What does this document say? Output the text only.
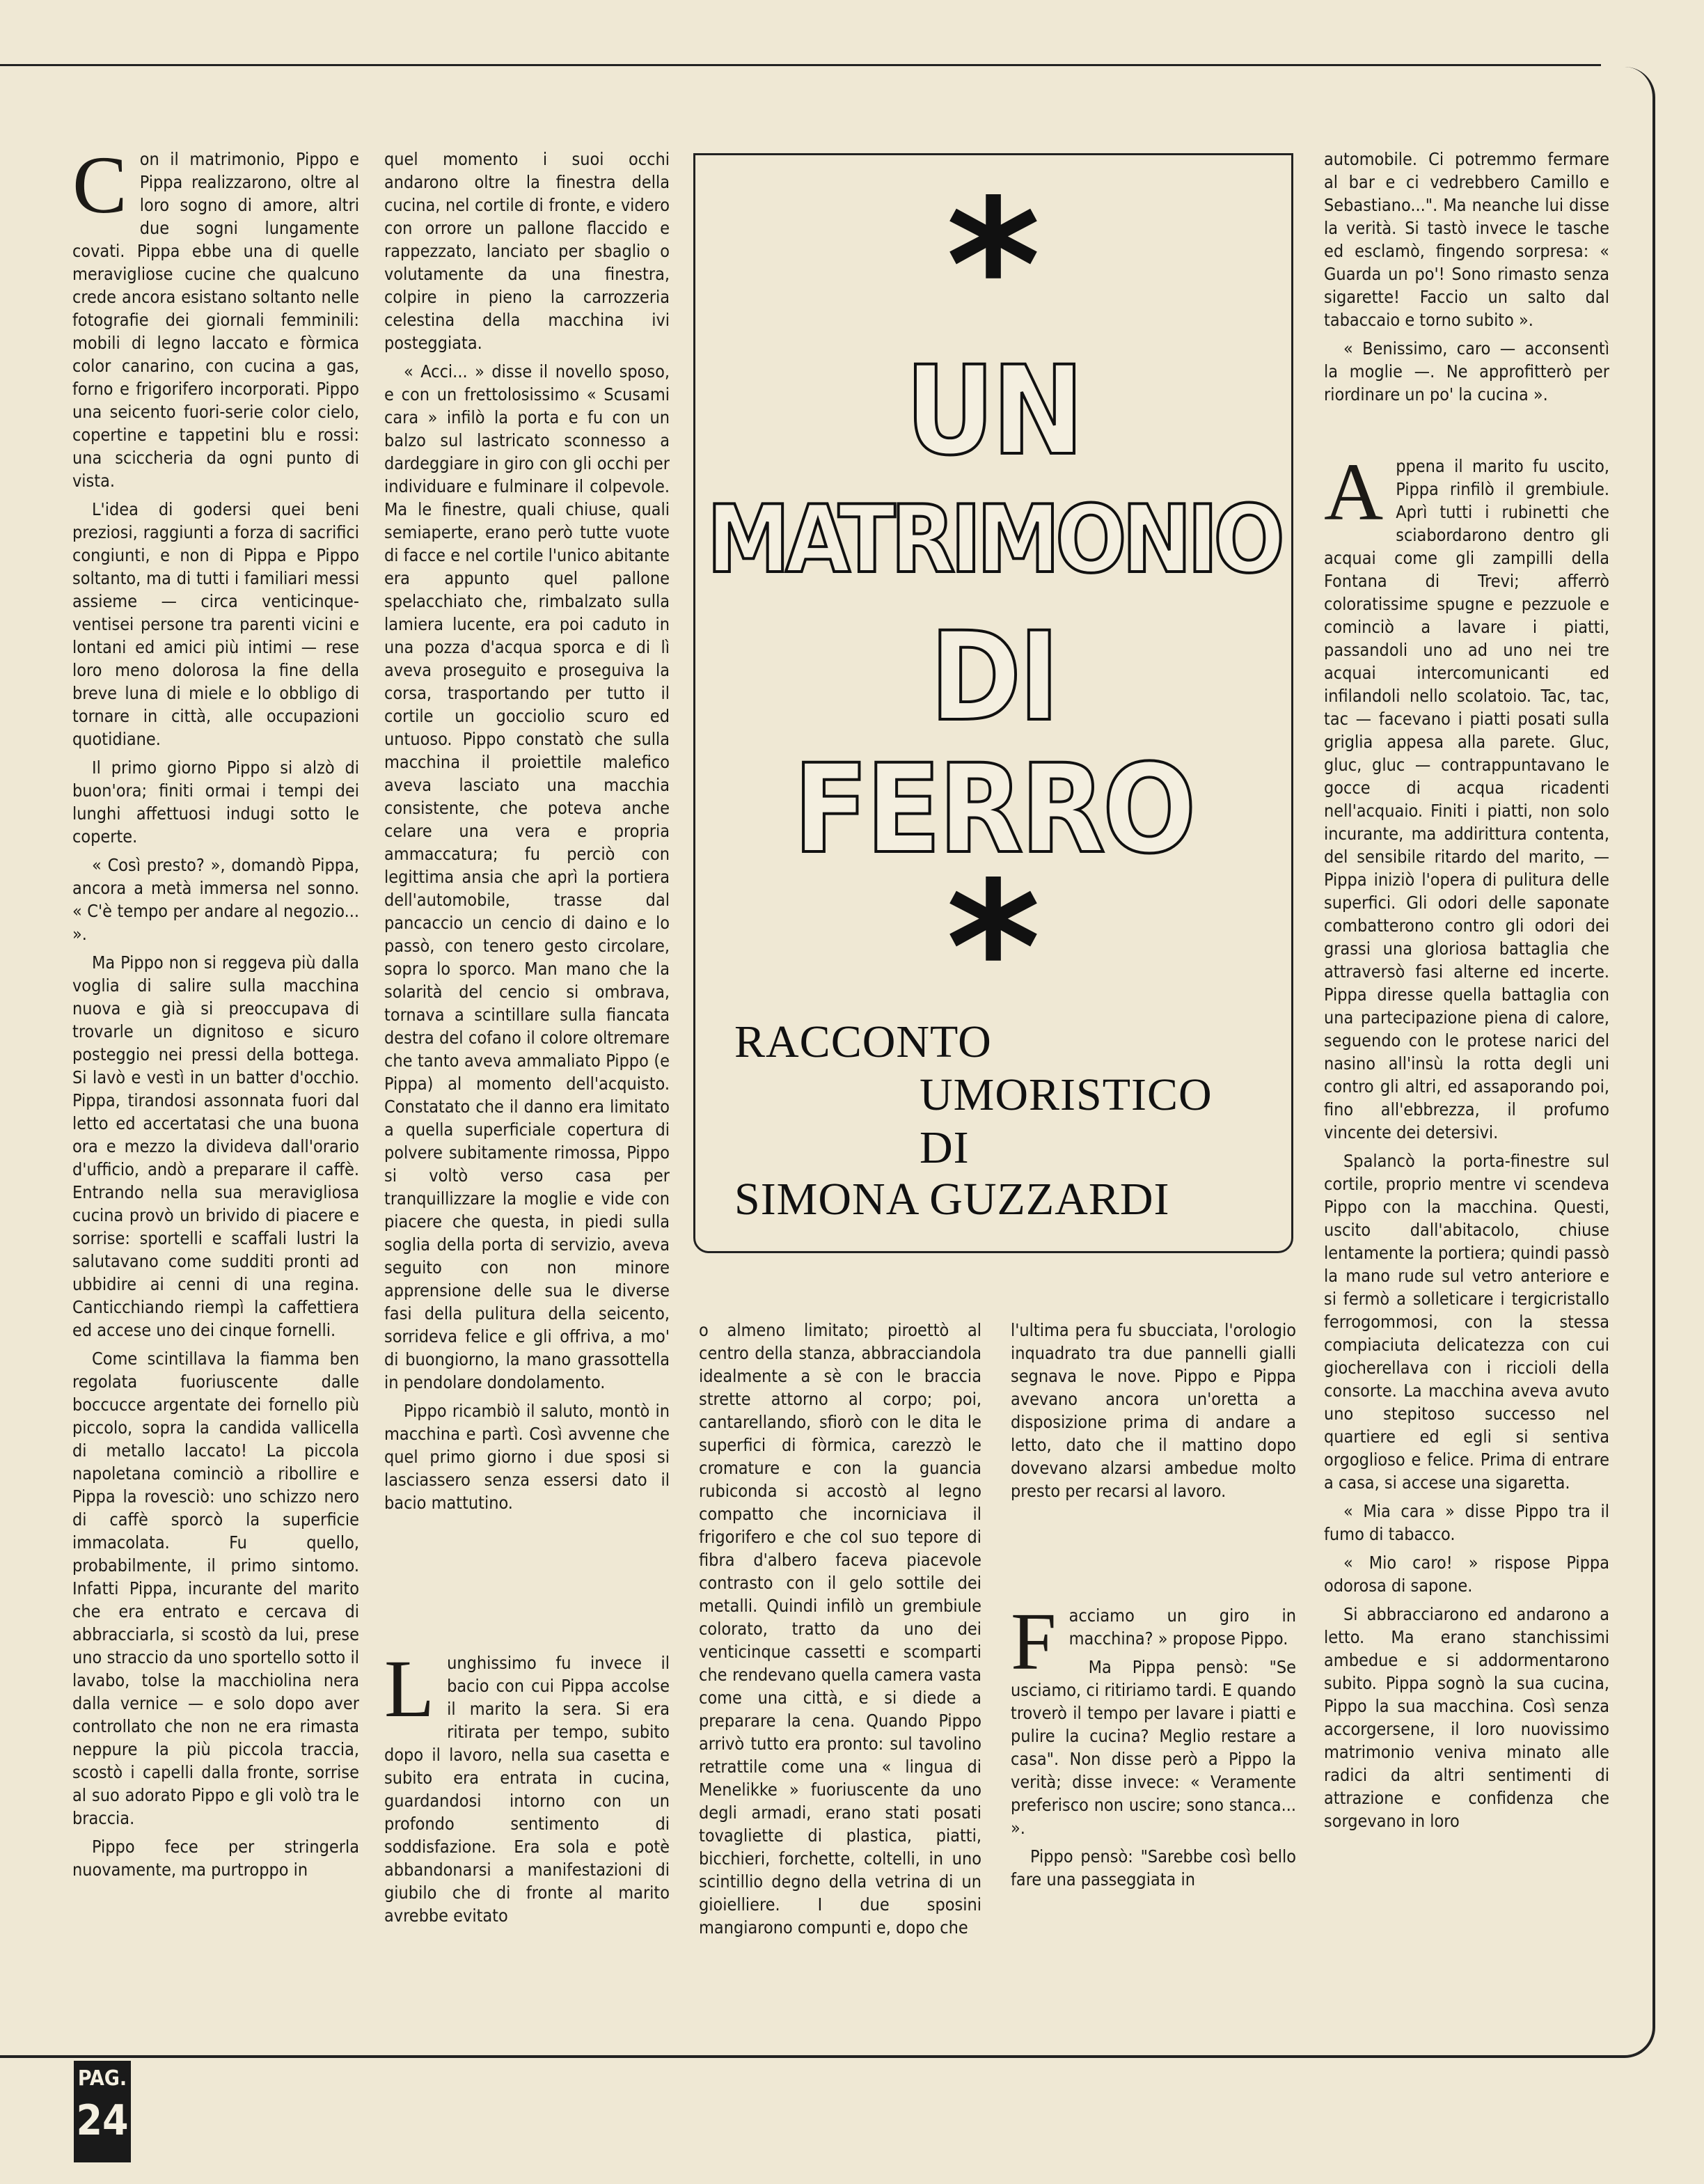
Con il matrimonio, Pippo e Pippa realizzarono, oltre al loro sogno di amore, altri due sogni lungamente covati. Pippa ebbe una di quelle meravigliose cucine che qualcuno crede ancora esistano soltanto nelle fotografie dei giornali femminili: mobili di legno laccato e fòrmica color canarino, con cucina a gas, forno e frigorifero incorporati. Pippo una seicento fuori-serie color cielo, copertine e tappetini blu e rossi: una sciccheria da ogni punto di vista.

L'idea di godersi quei beni preziosi, raggiunti a forza di sacrifici congiunti, e non di Pippa e Pippo soltanto, ma di tutti i familiari messi assieme — circa venticinque-ventisei persone tra parenti vicini e lontani ed amici più intimi — rese loro meno dolorosa la fine della breve luna di miele e lo obbligo di tornare in città, alle occupazioni quotidiane.

Il primo giorno Pippo si alzò di buon'ora; finiti ormai i tempi dei lunghi affettuosi indugi sotto le coperte.

« Così presto? », domandò Pippa, ancora a metà immersa nel sonno. « C'è tempo per andare al negozio... ».

Ma Pippo non si reggeva più dalla voglia di salire sulla macchina nuova e già si preoccupava di trovarle un dignitoso e sicuro posteggio nei pressi della bottega. Si lavò e vestì in un batter d'occhio. Pippa, tirandosi assonnata fuori dal letto ed accertatasi che una buona ora e mezzo la divideva dall'orario d'ufficio, andò a preparare il caffè. Entrando nella sua meravigliosa cucina provò un brivido di piacere e sorrise: sportelli e scaffali lustri la salutavano come sudditi pronti ad ubbidire ai cenni di una regina. Canticchiando riempì la caffettiera ed accese uno dei cinque fornelli.

Come scintillava la fiamma ben regolata fuoriuscente dalle boccucce argentate dei fornello più piccolo, sopra la candida vallicella di metallo laccato! La piccola napoletana cominciò a ribollire e Pippa la rovesciò: uno schizzo nero di caffè sporcò la superficie immacolata. Fu quello, probabilmente, il primo sintomo. Infatti Pippa, incurante del marito che era entrato e cercava di abbracciarla, si scostò da lui, prese uno straccio da uno sportello sotto il lavabo, tolse la macchiolina nera dalla vernice — e solo dopo aver controllato che non ne era rimasta neppure la più piccola traccia, scostò i capelli dalla fronte, sorrise al suo adorato Pippo e gli volò tra le braccia.

Pippo fece per stringerla nuovamente, ma purtroppo in

quel momento i suoi occhi andarono oltre la finestra della cucina, nel cortile di fronte, e videro con orrore un pallone flaccido e rappezzato, lanciato per sbaglio o volutamente da una finestra, colpire in pieno la carrozzeria celestina della macchina ivi posteggiata.

« Acci... » disse il novello sposo, e con un frettolosissimo « Scusami cara » infilò la porta e fu con un balzo sul lastricato sconnesso a dardeggiare in giro con gli occhi per individuare e fulminare il colpevole. Ma le finestre, quali chiuse, quali semiaperte, erano però tutte vuote di facce e nel cortile l'unico abitante era appunto quel pallone spelacchiato che, rimbalzato sulla lamiera lucente, era poi caduto in una pozza d'acqua sporca e di lì aveva proseguito e proseguiva la corsa, trasportando per tutto il cortile un gocciolio scuro ed untuoso. Pippo constatò che sulla macchina il proiettile malefico aveva lasciato una macchia consistente, che poteva anche celare una vera e propria ammaccatura; fu perciò con legittima ansia che aprì la portiera dell'automobile, trasse dal pancaccio un cencio di daino e lo passò, con tenero gesto circolare, sopra lo sporco. Man mano che la solarità del cencio si ombrava, tornava a scintillare sulla fiancata destra del cofano il colore oltremare che tanto aveva ammaliato Pippo (e Pippa) al momento dell'acquisto. Constatato che il danno era limitato a quella superficiale copertura di polvere subitamente rimossa, Pippo si voltò verso casa per tranquillizzare la moglie e vide con piacere che questa, in piedi sulla soglia della porta di servizio, aveva seguito con non minore apprensione delle sua le diverse fasi della pulitura della seicento, sorrideva felice e gli offriva, a mo' di buongiorno, la mano grassottella in pendolare dondolamento.

Pippo ricambiò il saluto, montò in macchina e partì. Così avvenne che quel primo giorno i due sposi si lasciassero senza essersi dato il bacio mattutino.

Lunghissimo fu invece il bacio con cui Pippa accolse il marito la sera. Si era ritirata per tempo, subito dopo il lavoro, nella sua casetta e subito era entrata in cucina, guardandosi intorno con un profondo sentimento di soddisfazione. Era sola e potè abbandonarsi a manifestazioni di giubilo che di fronte al marito avrebbe evitato

*
UN
MATRIMONIO
DI
FERRO
*
RACCONTO
UMORISTICO
DI
SIMONA GUZZARDI

o almeno limitato; piroettò al centro della stanza, abbracciandola idealmente a sè con le braccia strette attorno al corpo; poi, cantarellando, sfiorò con le dita le superfici di fòrmica, carezzò le cromature e con la guancia rubiconda si accostò al legno compatto che incorniciava il frigorifero e che col suo tepore di fibra d'albero faceva piacevole contrasto con il gelo sottile dei metalli. Quindi infilò un grembiule colorato, tratto da uno dei venticinque cassetti e scomparti che rendevano quella camera vasta come una città, e si diede a preparare la cena. Quando Pippo arrivò tutto era pronto: sul tavolino retrattile come una « lingua di Menelikke » fuoriuscente da uno degli armadi, erano stati posati tovagliette di plastica, piatti, bicchieri, forchette, coltelli, in uno scintillio degno della vetrina di un gioielliere. I due sposini mangiarono compunti e, dopo che

l'ultima pera fu sbucciata, l'orologio inquadrato tra due pannelli gialli segnava le nove. Pippo e Pippa avevano ancora un'oretta a disposizione prima di andare a letto, dato che il mattino dopo dovevano alzarsi ambedue molto presto per recarsi al lavoro.

Facciamo un giro in macchina? » propose Pippo.

Ma Pippa pensò: "Se usciamo, ci ritiriamo tardi. E quando troverò il tempo per lavare i piatti e pulire la cucina? Meglio restare a casa". Non disse però a Pippo la verità; disse invece: « Veramente preferisco non uscire; sono stanca... ».

Pippo pensò: "Sarebbe così bello fare una passeggiata in

automobile. Ci potremmo fermare al bar e ci vedrebbero Camillo e Sebastiano...". Ma neanche lui disse la verità. Si tastò invece le tasche ed esclamò, fingendo sorpresa: « Guarda un po'! Sono rimasto senza sigarette! Faccio un salto dal tabaccaio e torno subito ».

« Benissimo, caro — acconsentì la moglie —. Ne approfitterò per riordinare un po' la cucina ».

Appena il marito fu uscito, Pippa rinfilò il grembiule. Aprì tutti i rubinetti che sciabordarono dentro gli acquai come gli zampilli della Fontana di Trevi; afferrò coloratissime spugne e pezzuole e cominciò a lavare i piatti, passandoli uno ad uno nei tre acquai intercomunicanti ed infilandoli nello scolatoio. Tac, tac, tac — facevano i piatti posati sulla griglia appesa alla parete. Gluc, gluc, gluc — contrappuntavano le gocce di acqua ricadenti nell'acquaio. Finiti i piatti, non solo incurante, ma addirittura contenta, del sensibile ritardo del marito, — Pippa iniziò l'opera di pulitura delle superfici. Gli odori delle saponate combatterono contro gli odori dei grassi una gloriosa battaglia che attraversò fasi alterne ed incerte. Pippa diresse quella battaglia con una partecipazione piena di calore, seguendo con le protese narici del nasino all'insù la rotta degli uni contro gli altri, ed assaporando poi, fino all'ebbrezza, il profumo vincente dei detersivi.

Spalancò la porta-finestre sul cortile, proprio mentre vi scendeva Pippo con la macchina. Questi, uscito dall'abitacolo, chiuse lentamente la portiera; quindi passò la mano rude sul vetro anteriore e si fermò a solleticare i tergicristallo ferrogommosi, con la stessa compiaciuta delicatezza con cui giocherellava con i riccioli della consorte. La macchina aveva avuto uno stepitoso successo nel quartiere ed egli si sentiva orgoglioso e felice. Prima di entrare a casa, si accese una sigaretta.

« Mia cara » disse Pippo tra il fumo di tabacco.

« Mio caro! » rispose Pippa odorosa di sapone.

Si abbracciarono ed andarono a letto. Ma erano stanchissimi ambedue e si addormentarono subito. Pippa sognò la sua cucina, Pippo la sua macchina. Così senza accorgersene, il loro nuovissimo matrimonio veniva minato alle radici da altri sentimenti di attrazione e confidenza che sorgevano in loro

PAG.
24
